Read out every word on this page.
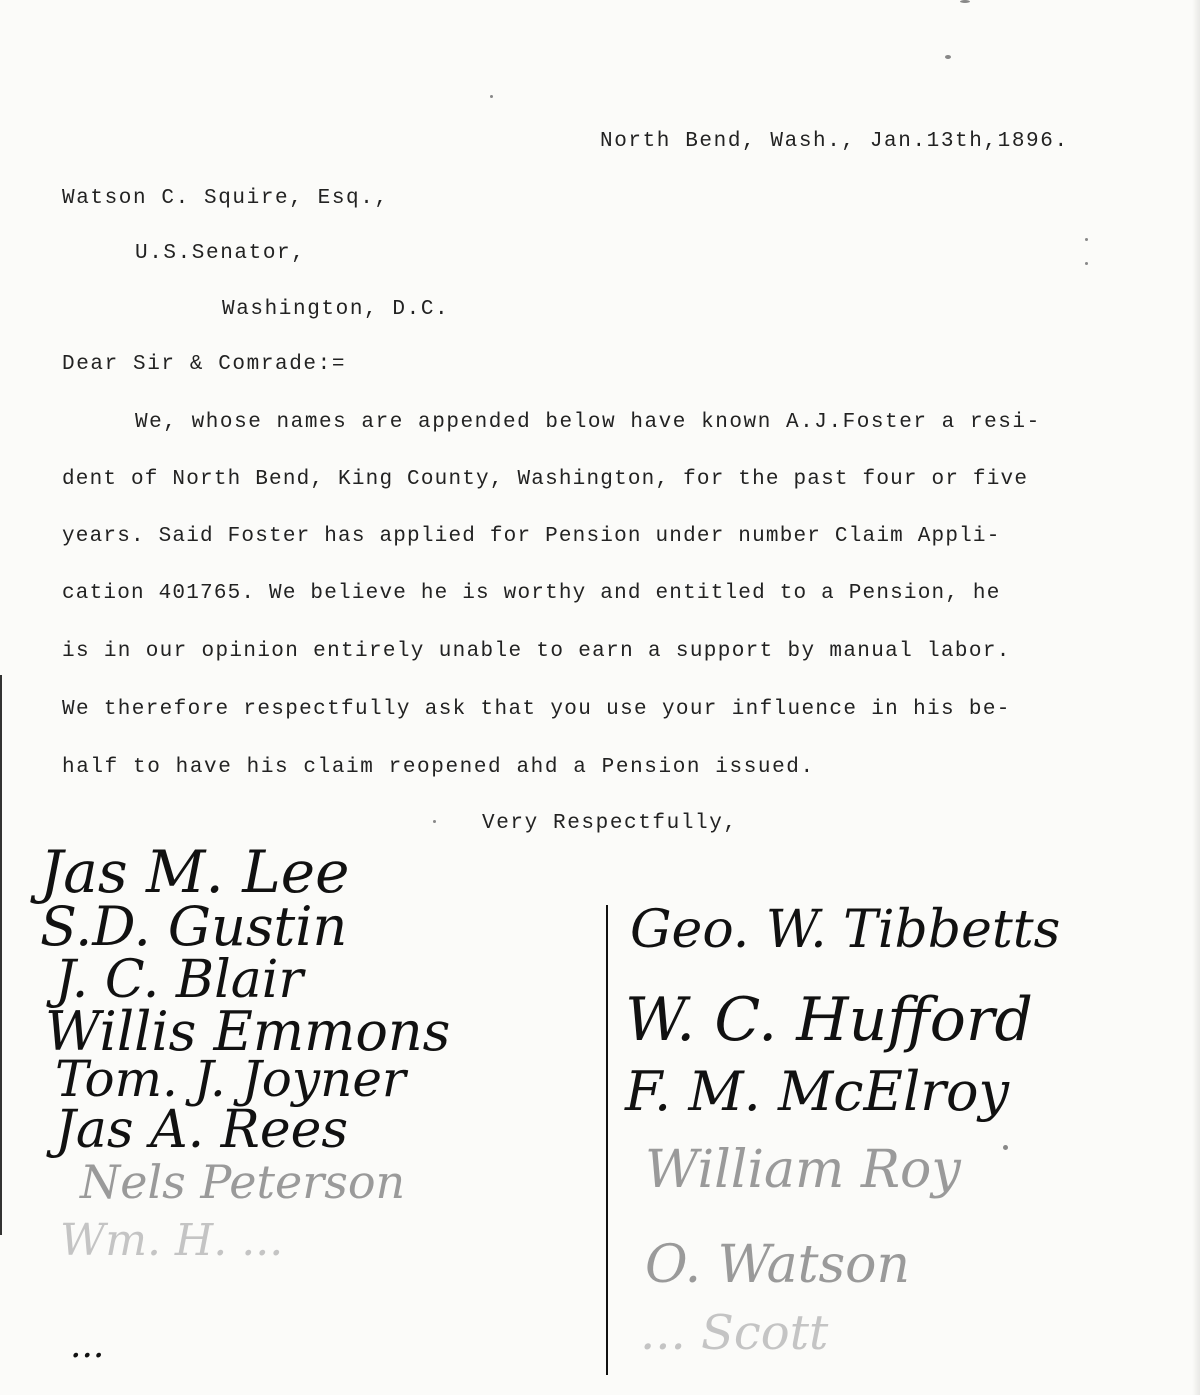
North Bend, Wash., Jan.13th,1896.
Watson C. Squire, Esq.,
U.S.Senator,
Washington, D.C.
Dear Sir & Comrade:=
We, whose names are appended below have known A.J.Foster a resi-
dent of North Bend, King County, Washington, for the past four or five
years. Said Foster has applied for Pension under number Claim Appli-
cation 401765. We believe he is worthy and entitled to a Pension, he
is in our opinion entirely unable to earn a support by manual labor.
We therefore respectfully ask that you use your influence in his be-
half to have his claim reopened ahd a Pension issued.
Very Respectfully,
Jas M. Lee
S.D. Gustin
J. C. Blair
Willis Emmons
Tom. J. Joyner
Jas A. Rees
Nels Peterson
Wm. H. ...
...
Geo. W. Tibbetts
W. C. Hufford
F. M. McElroy
William Roy
O. Watson
... Scott
